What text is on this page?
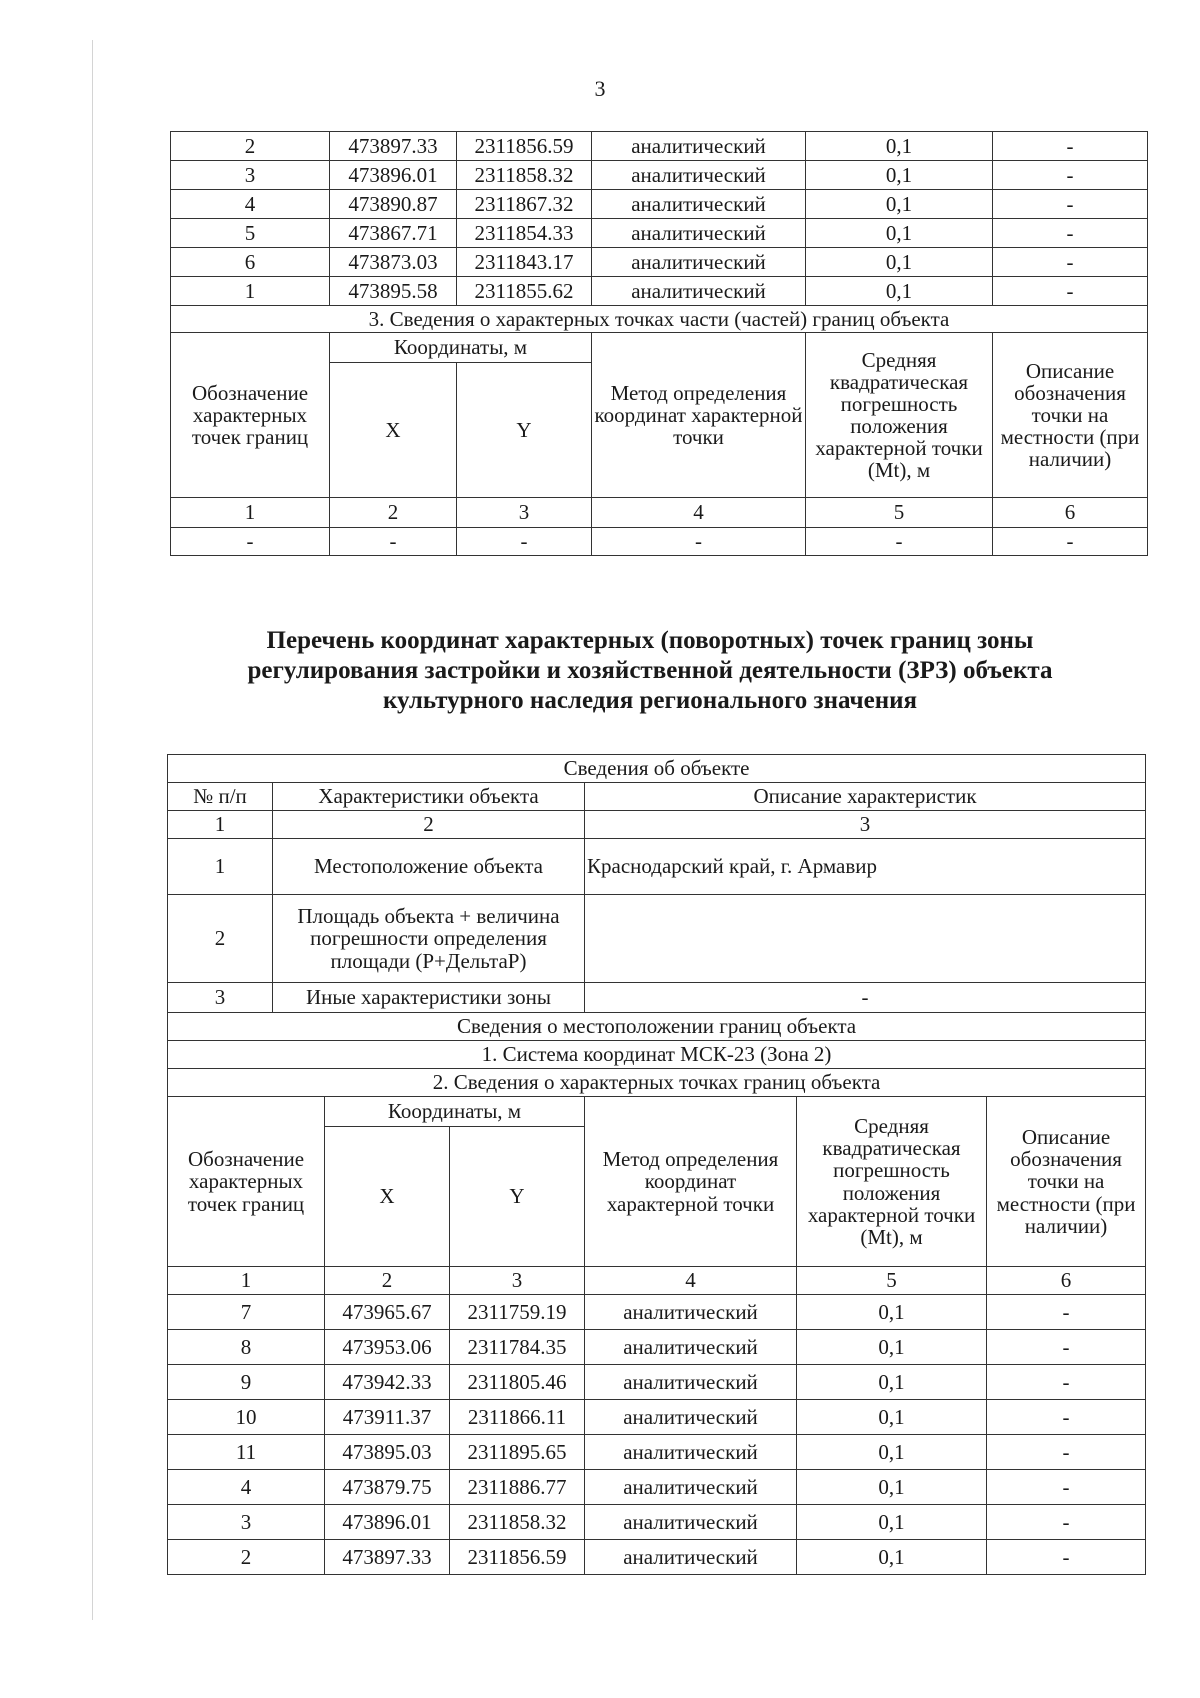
3
2	473897.33	2311856.59	аналитический	0,1	-
3	473896.01	2311858.32	аналитический	0,1	-
4	473890.87	2311867.32	аналитический	0,1	-
5	473867.71	2311854.33	аналитический	0,1	-
6	473873.03	2311843.17	аналитический	0,1	-
1	473895.58	2311855.62	аналитический	0,1	-
3. Сведения о характерных точках части (частей) границ объекта					
Обозначение характерных точек границ	Координаты, м		Метод определения координат характерной точки	Средняя квадратическая погрешность положения характерной точки (Mt), м	Описание обозначения точки на местности (при наличии)
	X	Y			
1	2	3	4	5	6
-	-	-	-	-	-
Перечень координат характерных (поворотных) точек границ зоны
регулирования застройки и хозяйственной деятельности (ЗРЗ) объекта
культурного наследия регионального значения
Сведения об объекте						
№ п/п	Характеристики объекта			Описание характеристик		
1	2			3		
1	Местоположение объекта			Краснодарский край, г. Армавир		
2	Площадь объекта + величина погрешности определения площади (Р+ДельтаР)					
3	Иные характеристики зоны			-		
Сведения о местоположении границ объекта						
1. Система координат МСК-23 (Зона 2)						
2. Сведения о характерных точках границ объекта						
Обозначение характерных точек границ		Координаты, м		Метод определения координат характерной точки	Средняя квадратическая погрешность положения характерной точки (Mt), м	Описание обозначения точки на местности (при наличии)
		X	Y			
1		2	3	4	5	6
7		473965.67	2311759.19	аналитический	0,1	-
8		473953.06	2311784.35	аналитический	0,1	-
9		473942.33	2311805.46	аналитический	0,1	-
10		473911.37	2311866.11	аналитический	0,1	-
11		473895.03	2311895.65	аналитический	0,1	-
4		473879.75	2311886.77	аналитический	0,1	-
3		473896.01	2311858.32	аналитический	0,1	-
2		473897.33	2311856.59	аналитический	0,1	-
